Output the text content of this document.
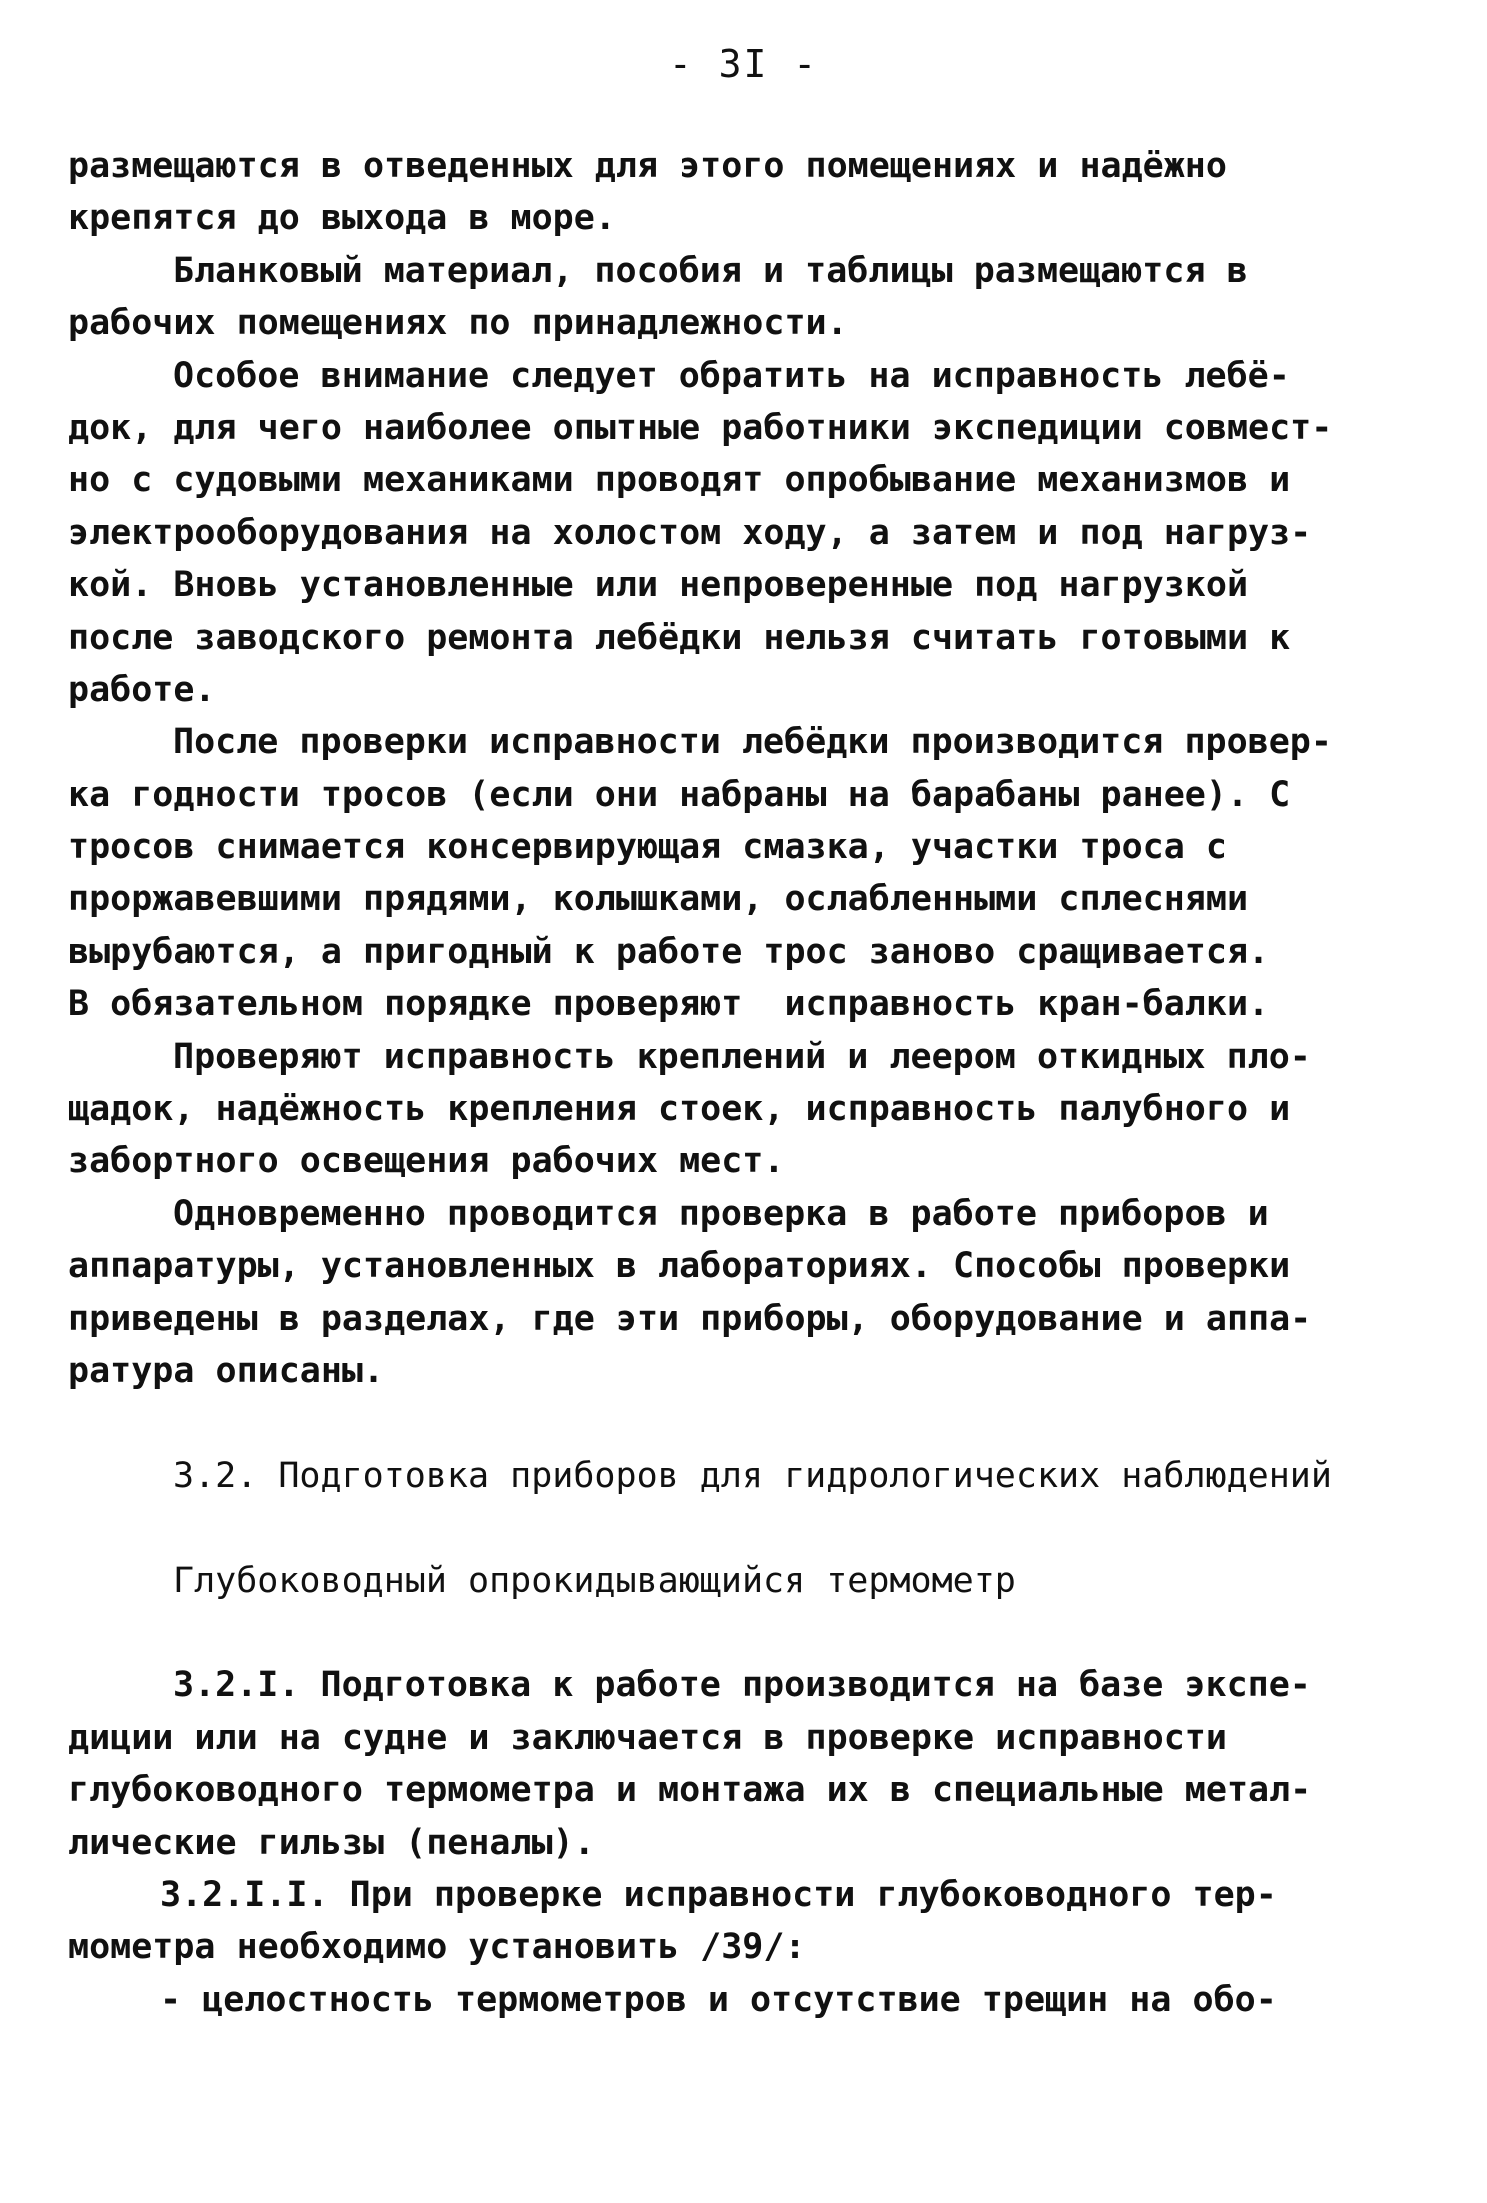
- 3I -
размещаются в отведенных для этого помещениях и надёжно
крепятся до выхода в море.
Бланковый материал, пособия и таблицы размещаются в
рабочих помещениях по принадлежности.
Особое внимание следует обратить на исправность лебё-
док, для чего наиболее опытные работники экспедиции совмест-
но с судовыми механиками проводят опробывание механизмов и
электрооборудования на холостом ходу, а затем и под нагруз-
кой. Вновь установленные или непроверенные под нагрузкой
после заводского ремонта лебёдки нельзя считать готовыми к
работе.
После проверки исправности лебёдки производится провер-
ка годности тросов (если они набраны на барабаны ранее). С
тросов снимается консервирующая смазка, участки троса с
проржавевшими прядями, колышками, ослабленными сплеснями
вырубаются, а пригодный к работе трос заново сращивается.
В обязательном порядке проверяют  исправность кран-балки.
Проверяют исправность креплений и леером откидных пло-
щадок, надёжность крепления стоек, исправность палубного и
забортного освещения рабочих мест.
Одновременно проводится проверка в работе приборов и
аппаратуры, установленных в лабораториях. Способы проверки
приведены в разделах, где эти приборы, оборудование и аппа-
ратура описаны.
3.2. Подготовка приборов для гидрологических наблюдений
Глубоководный опрокидывающийся термометр
3.2.I. Подготовка к работе производится на базе экспе-
диции или на судне и заключается в проверке исправности
глубоководного термометра и монтажа их в специальные метал-
лические гильзы (пеналы).
3.2.I.I. При проверке исправности глубоководного тер-
мометра необходимо установить /39/:
- целостность термометров и отсутствие трещин на обо-
